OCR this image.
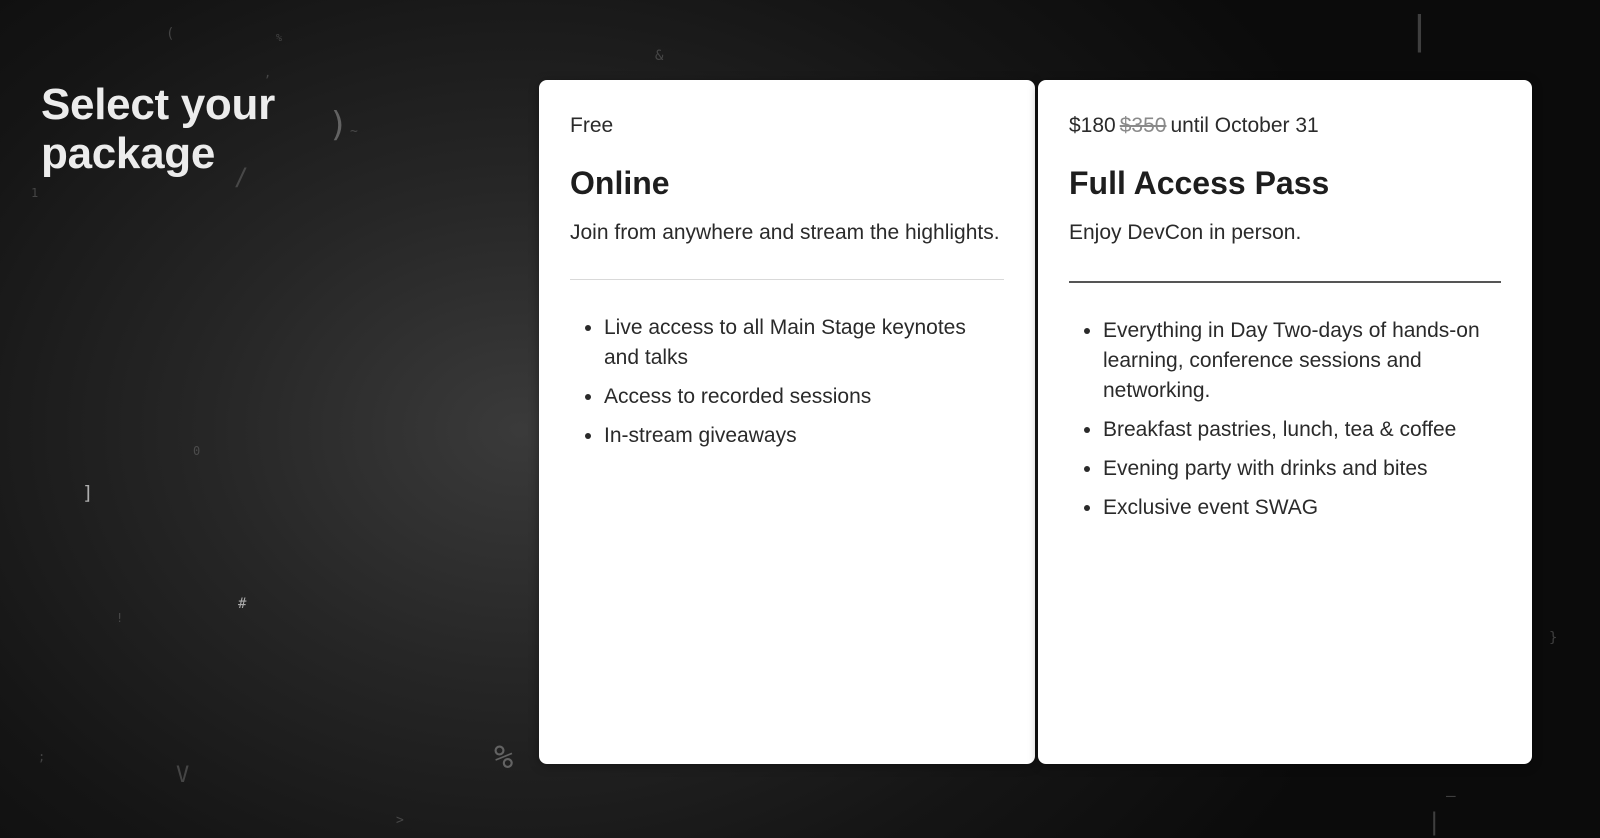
(	%
&
|
) ~
1
/
,
0
]
#
!
;
V	%
>
}
—
|
Select your package

Free

Online

Join from anywhere and stream the highlights.

• Live access to all Main Stage keynotes and talks
• Access to recorded sessions
• In-stream giveaways

$180 $350 until October 31

Full Access Pass

Enjoy DevCon in person.

• Everything in Day Two-days of hands-on learning, conference sessions and networking.
• Breakfast pastries, lunch, tea & coffee
• Evening party with drinks and bites
• Exclusive event SWAG
